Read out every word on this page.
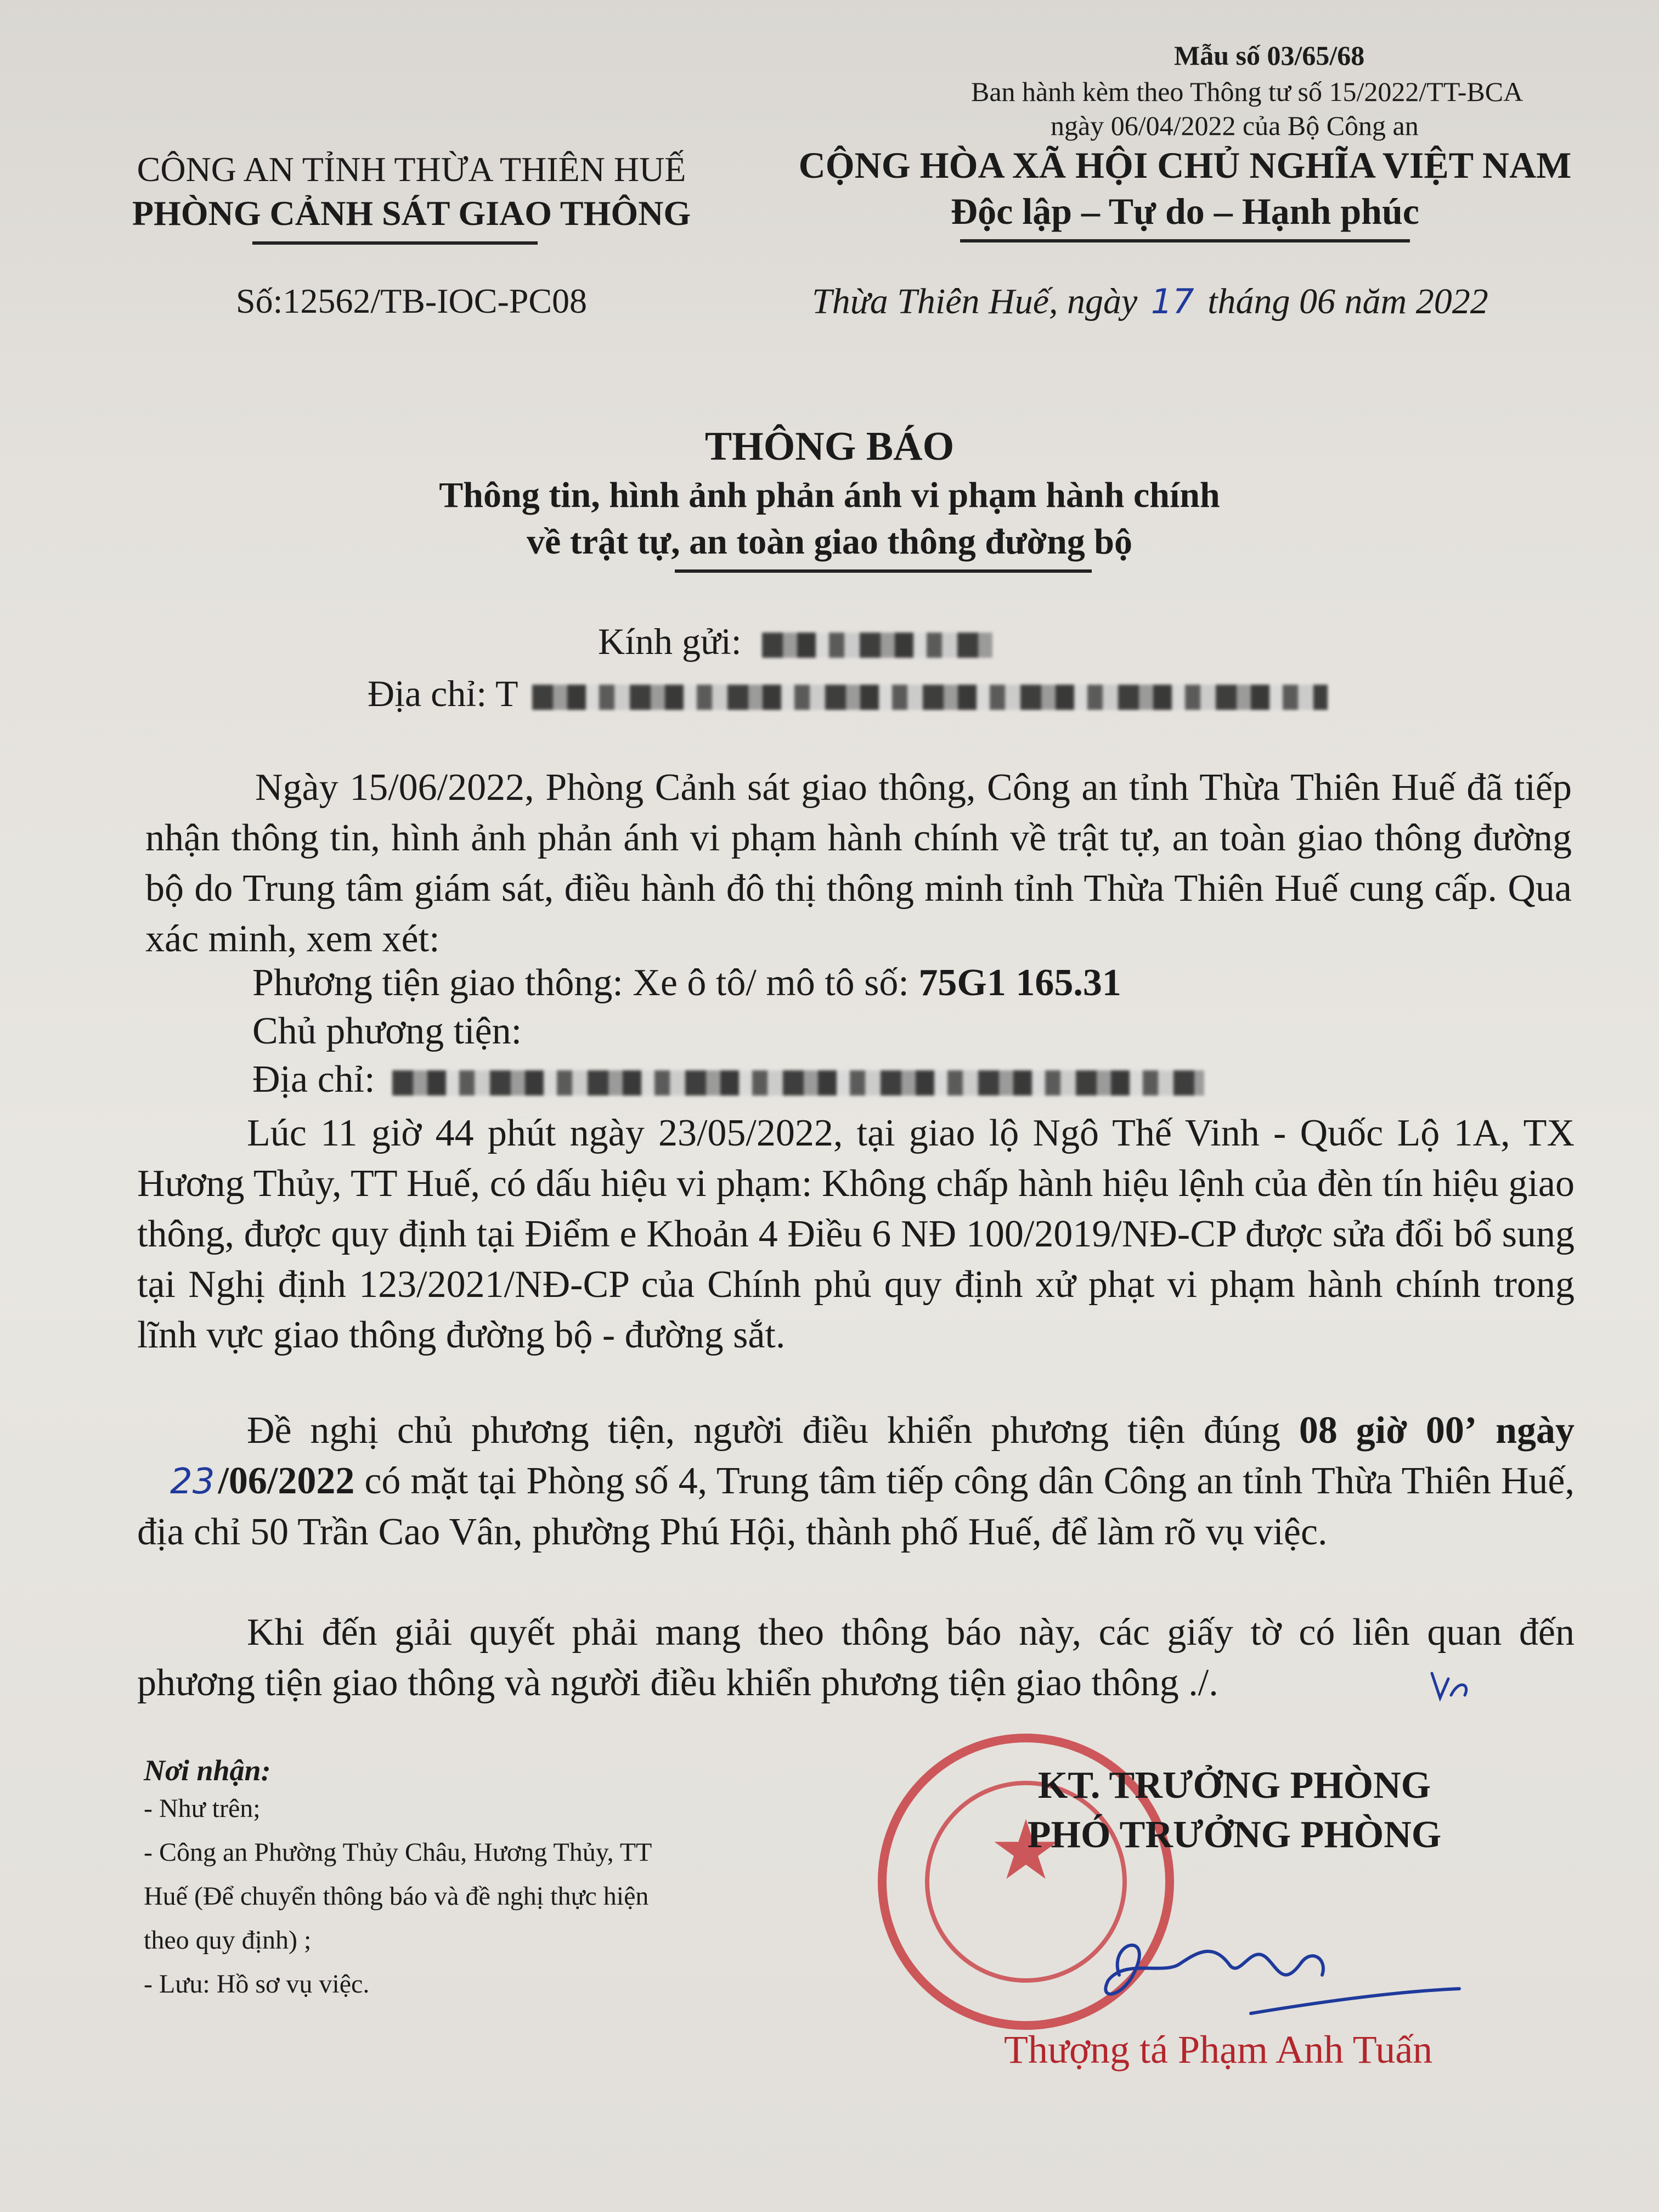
Mẫu số 03/65/68
Ban hành kèm theo Thông tư số 15/2022/TT-BCA
ngày 06/04/2022 của Bộ Công an
CÔNG AN TỈNH THỪA THIÊN HUẾ
PHÒNG CẢNH SÁT GIAO THÔNG
Số:12562/TB-IOC-PC08
CỘNG HÒA XÃ HỘI CHỦ NGHĨA VIỆT NAM
Độc lập – Tự do – Hạnh phúc
Thừa Thiên Huế, ngày 17 tháng 06 năm 2022
THÔNG BÁO
Thông tin, hình ảnh phản ánh vi phạm hành chính
về trật tự, an toàn giao thông đường bộ
Kính gửi:
Địa chỉ: T
Ngày 15/06/2022, Phòng Cảnh sát giao thông, Công an tỉnh Thừa Thiên Huế đã tiếp nhận thông tin, hình ảnh phản ánh vi phạm hành chính về trật tự, an toàn giao thông đường bộ do Trung tâm giám sát, điều hành đô thị thông minh tỉnh Thừa Thiên Huế cung cấp. Qua xác minh, xem xét:
Phương tiện giao thông: Xe ô tô/ mô tô số: 75G1 165.31
Chủ phương tiện:
Địa chỉ:
Lúc 11 giờ 44 phút ngày 23/05/2022, tại giao lộ Ngô Thế Vinh - Quốc Lộ 1A, TX Hương Thủy, TT Huế, có dấu hiệu vi phạm: Không chấp hành hiệu lệnh của đèn tín hiệu giao thông, được quy định tại Điểm e Khoản 4 Điều 6 NĐ 100/2019/NĐ-CP được sửa đổi bổ sung tại Nghị định 123/2021/NĐ-CP của Chính phủ quy định xử phạt vi phạm hành chính trong lĩnh vực giao thông đường bộ - đường sắt.
Đề nghị chủ phương tiện, người điều khiển phương tiện đúng 08 giờ 00’ ngày 23/06/2022 có mặt tại Phòng số 4, Trung tâm tiếp công dân Công an tỉnh Thừa Thiên Huế, địa chỉ 50 Trần Cao Vân, phường Phú Hội, thành phố Huế, để làm rõ vụ việc.
Khi đến giải quyết phải mang theo thông báo này, các giấy tờ có liên quan đến phương tiện giao thông và người điều khiển phương tiện giao thông ./.
Nơi nhận:
- Như trên;
- Công an Phường Thủy Châu, Hương Thủy, TT
Huế (Để chuyển thông báo và đề nghị thực hiện
theo quy định) ;
- Lưu: Hồ sơ vụ việc.
★
KT. TRƯỞNG PHÒNG
PHÓ TRƯỞNG PHÒNG
Thượng tá Phạm Anh Tuấn
